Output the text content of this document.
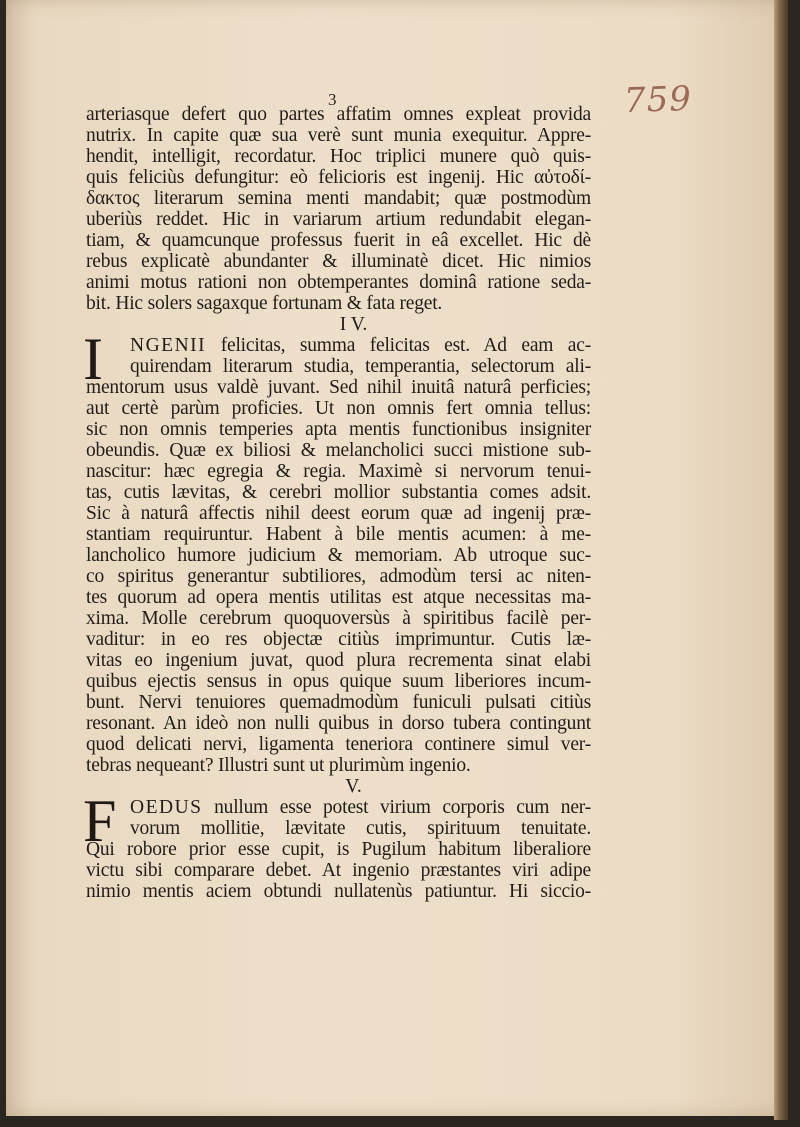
759
3
arteriasque defert quo partes affatim omnes expleat provida
nutrix. In capite quæ sua verè sunt munia exequitur. Appre-
hendit, intelligit, recordatur. Hoc triplici munere quò quis-
quis feliciùs defungitur: eò felicioris est ingenij. Hic αὐτοδί-
δακτος literarum semina menti mandabit; quæ postmodùm
uberiùs reddet. Hic in variarum artium redundabit elegan-
tiam, & quamcunque professus fuerit in eâ excellet. Hic dè
rebus explicatè abundanter & illuminatè dicet. Hic nimios
animi motus rationi non obtemperantes dominâ ratione seda-
bit. Hic solers sagaxque fortunam & fata reget.
I V.
I	NGENII felicitas, summa felicitas est. Ad eam ac-
quirendam literarum studia, temperantia, selectorum ali-
mentorum usus valdè juvant. Sed nihil inuitâ naturâ perficies;
aut certè parùm proficies. Ut non omnis fert omnia tellus:
sic non omnis temperies apta mentis functionibus insigniter
obeundis. Quæ ex biliosi & melancholici succi mistione sub-
nascitur: hæc egregia & regia. Maximè si nervorum tenui-
tas, cutis lævitas, & cerebri mollior substantia comes adsit.
Sic à naturâ affectis nihil deest eorum quæ ad ingenij præ-
stantiam requiruntur. Habent à bile mentis acumen: à me-
lancholico humore judicium & memoriam. Ab utroque suc-
co spiritus generantur subtiliores, admodùm tersi ac niten-
tes quorum ad opera mentis utilitas est atque necessitas ma-
xima. Molle cerebrum quoquoversùs à spiritibus facilè per-
vaditur: in eo res objectæ citiùs imprimuntur. Cutis læ-
vitas eo ingenium juvat, quod plura recrementa sinat elabi
quibus ejectis sensus in opus quique suum liberiores incum-
bunt. Nervi tenuiores quemadmodùm funiculi pulsati citiùs
resonant. An ideò non nulli quibus in dorso tubera contingunt
quod delicati nervi, ligamenta teneriora continere simul ver-
tebras nequeant? Illustri sunt ut plurimùm ingenio.
V.
F OEDUS nullum esse potest virium corporis cum ner-
vorum mollitie, lævitate cutis, spirituum tenuitate.
Qui robore prior esse cupit, is Pugilum habitum liberaliore
victu sibi comparare debet. At ingenio præstantes viri adipe
nimio mentis aciem obtundi nullatenùs patiuntur. Hi siccio-
